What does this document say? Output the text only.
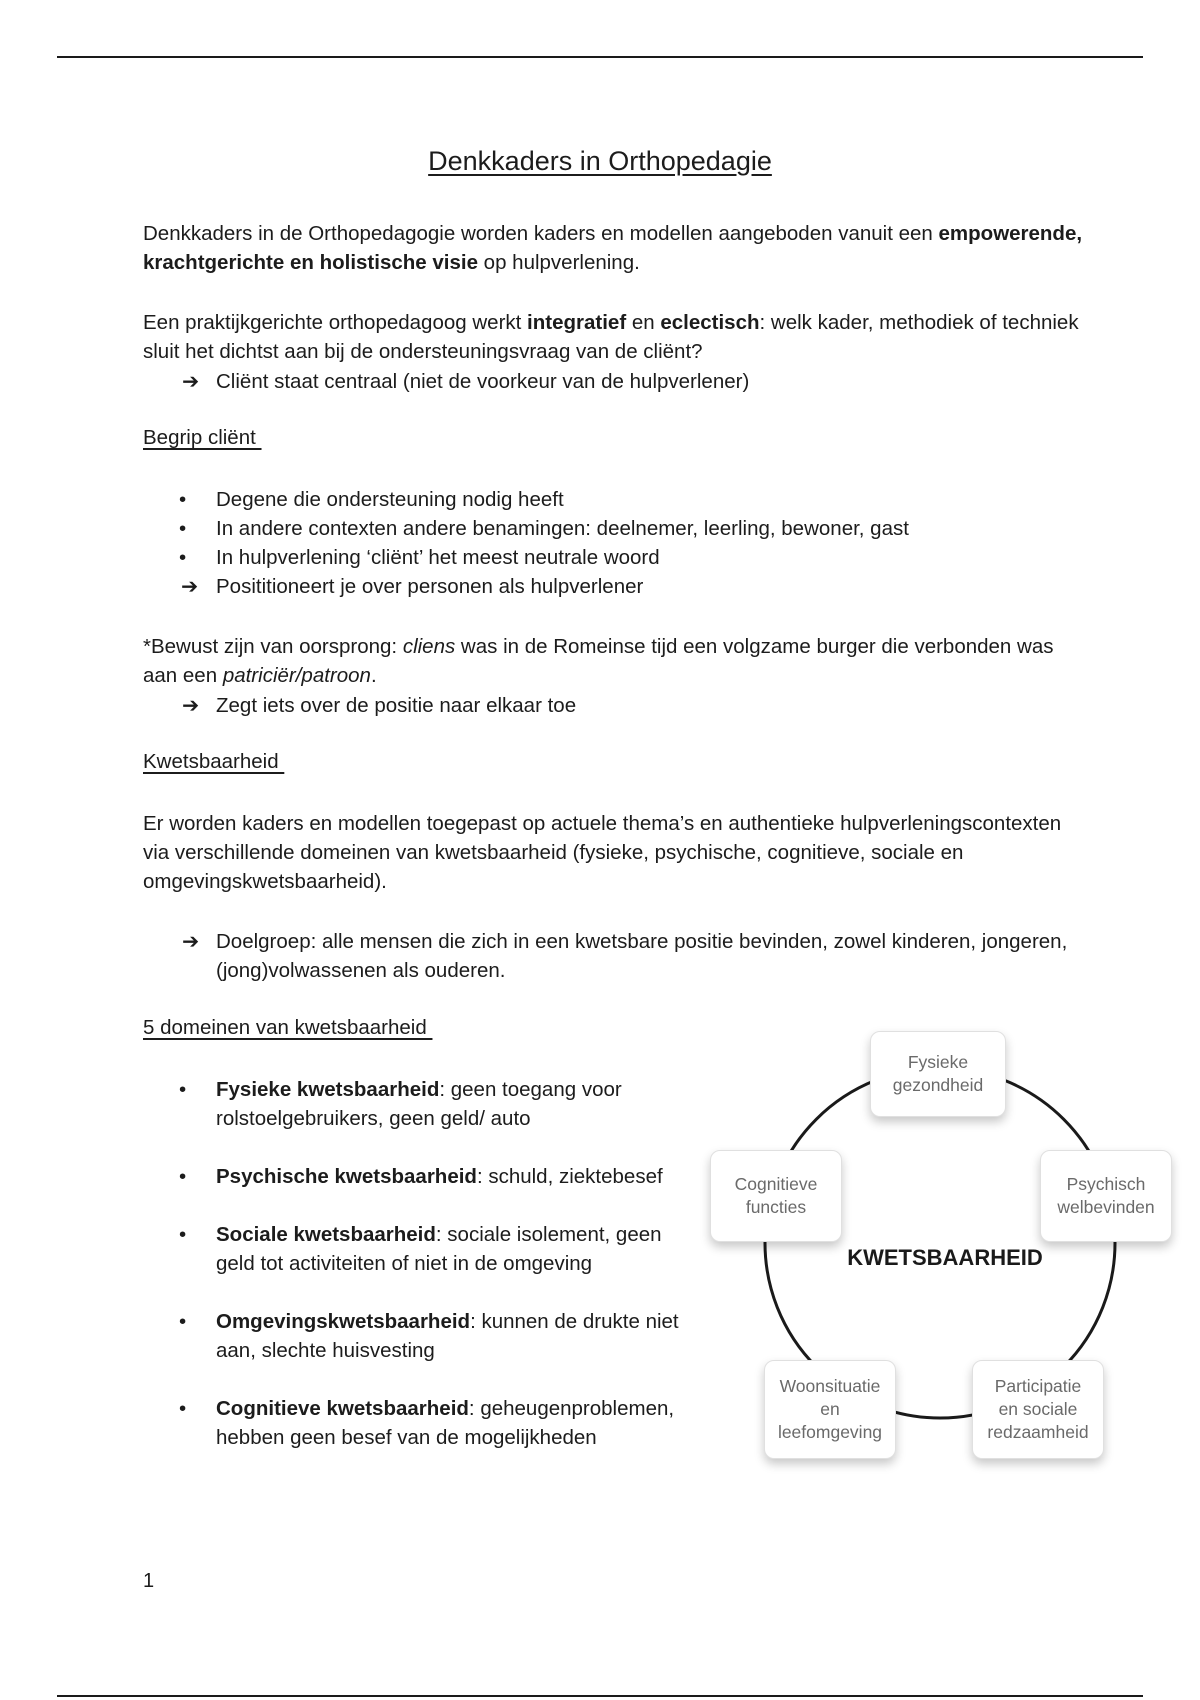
Denkkaders in Orthopedagie
Denkkaders in de Orthopedagogie worden kaders en modellen aangeboden vanuit een empowerende, krachtgerichte en holistische visie op hulpverlening.
Een praktijkgerichte orthopedagoog werkt integratief en eclectisch: welk kader, methodiek of techniek sluit het dichtst aan bij de ondersteuningsvraag van de cliënt?
➔ Cliënt staat centraal (niet de voorkeur van de hulpverlener)
Begrip cliënt
• Degene die ondersteuning nodig heeft
• In andere contexten andere benamingen: deelnemer, leerling, bewoner, gast
• In hulpverlening ‘cliënt’ het meest neutrale woord
➔ Posititioneert je over personen als hulpverlener
*Bewust zijn van oorsprong: cliens was in de Romeinse tijd een volgzame burger die verbonden was aan een patriciër/patroon.
➔ Zegt iets over de positie naar elkaar toe
Kwetsbaarheid
Er worden kaders en modellen toegepast op actuele thema’s en authentieke hulpverleningscontexten via verschillende domeinen van kwetsbaarheid (fysieke, psychische, cognitieve, sociale en omgevingskwetsbaarheid).
➔ Doelgroep: alle mensen die zich in een kwetsbare positie bevinden, zowel kinderen, jongeren, (jong)volwassenen als ouderen.
5 domeinen van kwetsbaarheid
• Fysieke kwetsbaarheid: geen toegang voor rolstoelgebruikers, geen geld/ auto
• Psychische kwetsbaarheid: schuld, ziektebesef
• Sociale kwetsbaarheid: sociale isolement, geen geld tot activiteiten of niet in de omgeving
• Omgevingskwetsbaarheid: kunnen de drukte niet aan, slechte huisvesting
• Cognitieve kwetsbaarheid: geheugenproblemen, hebben geen besef van de mogelijkheden
KWETSBAARHEID
Fysieke
gezondheid
Psychisch
welbevinden
Participatie
en sociale
redzaamheid
Woonsituatie
en
leefomgeving
Cognitieve
functies
1
